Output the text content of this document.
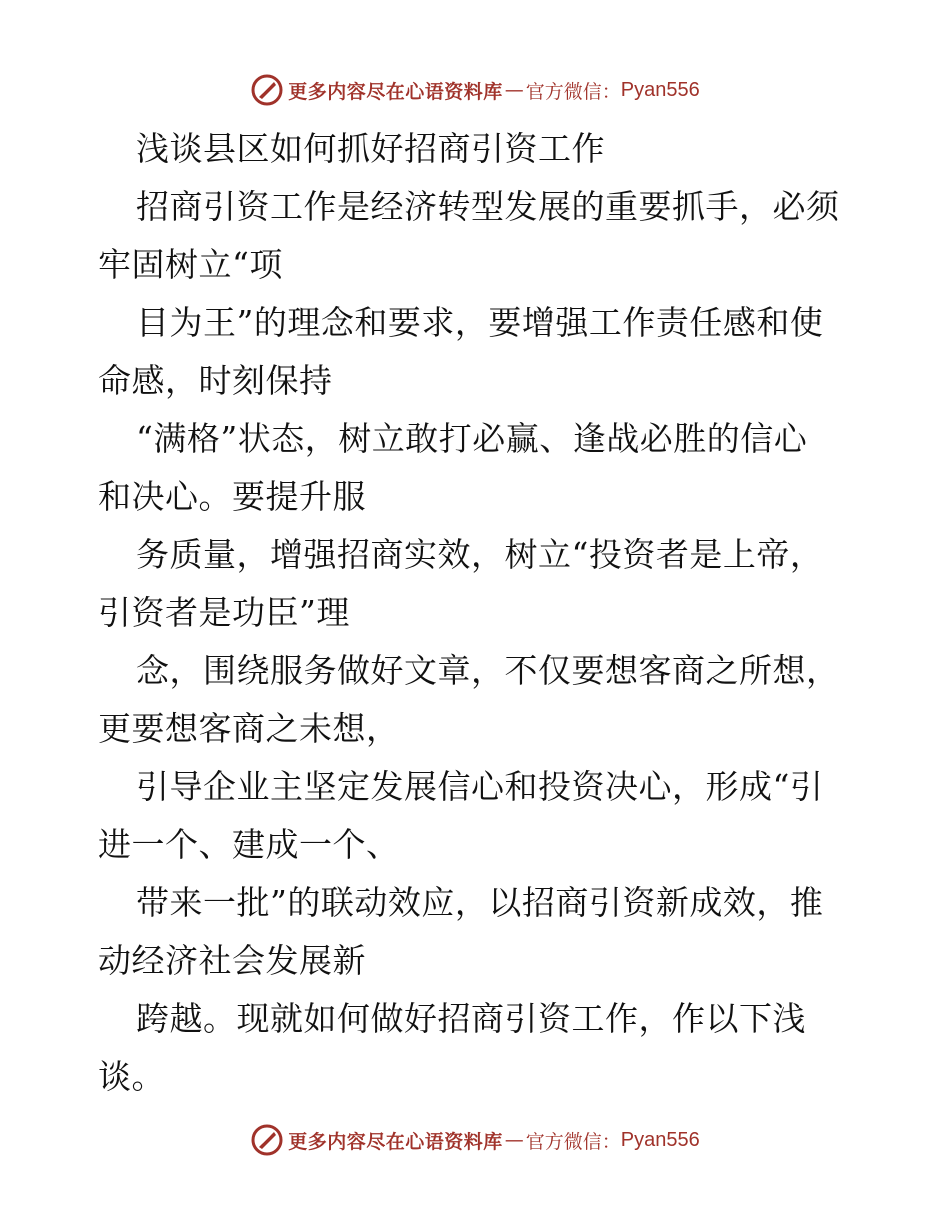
更多内容尽在心语资料库 — 官方微信： Pyan556
浅谈县区如何抓好招商引资工作
招商引资工作是经济转型发展的重要抓手，必须
牢固树立“项
目为王”的理念和要求，要增强工作责任感和使
命感，时刻保持
“满格”状态，树立敢打必赢、逢战必胜的信心
和决心。要提升服
务质量，增强招商实效，树立“投资者是上帝，
引资者是功臣”理
念，围绕服务做好文章，不仅要想客商之所想，
更要想客商之未想，
引导企业主坚定发展信心和投资决心，形成“引
进一个、建成一个、
带来一批”的联动效应，以招商引资新成效，推
动经济社会发展新
跨越。现就如何做好招商引资工作，作以下浅
谈。
更多内容尽在心语资料库 — 官方微信： Pyan556
